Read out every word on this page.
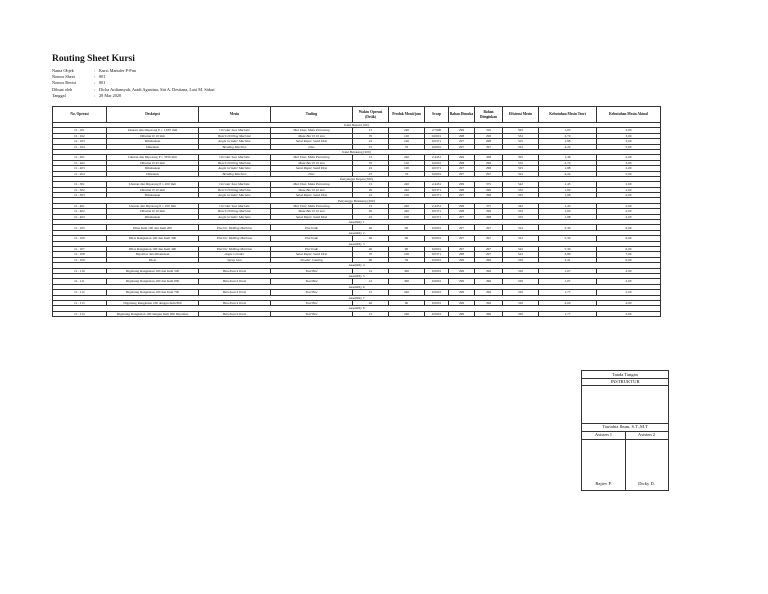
Routing Sheet Kursi
Nama Objek	: Kursi Manufer P-Pan
Nomor Sheet	: 001
Nomor Revisi	: 001
Dibuat oleh	: Dicka Ardiansyah, Aradi Agustina, Siti A. Destiana, Laxi M. Sidari
Tanggal	: 28 Mar 2020
No. Operasi	Deskripsi	Mesin	Tooling	Waktu Operasi (Detik)	Produk Menit/jam	Scrap	Bahan Dimuka	Bahan Diinginkan	Efisiensi Mesin	Kebutuhan Mesin Teori	Kebutuhan Mesin Aktual
Kaki Depan (100)											
O - 101	Ukuran dan Dipotong P = 1,667 mm	Circular Saw Machine	Mal Ukur, Mata Pemotong	15	240	2,7900	299	310	595	1,65	2,00
O - 102	Dibubut Ø 10 mm	Bench Drilling Machine	Mata Bor Ø 10 mm	70	120	0,0001	298	299	532	2,70	3,00
O - 103	Dihaluskan	Angle Grinder Machine	Sand Paper, Sand Disk	22	100	0,0371	297	298	525	1,98	2,00
O - 104	Dibentuk	Bending Machine	Dies	47	76	0,0001	297	297	522	4,24	5,00
Kaki Belakang (200)											
O - 201	Ukuran dan Dipotong P = 3350 mm	Circular Saw Machine	Mal Ukur, Mata Pemotong	15	240	2,4451	299	308	595	1,46	2,00
O - 202	Dibubut Ø 45 mm	Bench Drilling Machine	Mata Bor Ø 10 mm	70	120	0,0001	298	299	532	2,70	3,00
O - 203	Dihaluskan	Angle Grinder Machine	Sand Paper, Sand Disk	22	100	0,0371	297	298	525	1,98	2,00
O - 204	Dibentuk	Bending Machine	Dies	47	76	0,0001	297	297	522	4,24	5,00
Penyangga Depan (300)											
O - 301	Ukuran dan Dipotong P = 450 mm	Circular Saw Machine	Mal Ukur, Mata Pemotong	15	240	2,4451	299	375	542	1,45	2,00
O - 302	Dibubut Ø 10 mm	Bench Drilling Machine	Mata Bor Ø 10 mm	20	240	0,0371	298	299	532	1,00	2,00
O - 303	Dihaluskan	Angle Grinder Machine	Sand Paper, Sand Disk	22	100	0,0371	297	298	525	1,98	2,00
Penyangga Belakang (400)											
O - 401	Ukuran dan Dipotong P = 450 mm	Circular Saw Machine	Mal Ukur, Mata Pemotong	15	240	2,4451	299	375	542	1,45	2,00
O - 402	Dibubut Ø 10 mm	Bench Drilling Machine	Mata Bor Ø 10 mm	20	240	0,0371	298	299	532	1,00	2,00
O - 403	Dihaluskan	Angle Grinder Machine	Sand Paper, Sand Disk	22	100	0,0371	297	298	525	1,98	2,00
Assembly 1											
O - 105	Dilas Item 100 dan Item 200	Electric Welding Machine	Electrode	40	90	0,0001	297	297	522	5,30	6,00
Assembly 2											
O - 106	Dilas Rangkaian 100 dan Item 300	Electric Welding Machine	Electrode	40	90	0,0001	297	297	522	5,30	6,00
Assembly 3											
O - 107	Dilas Rangkaian 100 dan Item 400	Electric Welding Machine	Electrode	40	90	0,0001	297	297	522	5,30	6,00
O - 108	Dipotilas dan dihaluskan	Angle Grinder	Sand Paper, Sand Disk	70	100	0,0371	298	297	522	3,89	7,00
O - 109	Dicat	Spray Gun	Powder Coating	90	59	0,0001	296	296	520	3,41	6,00
Assembly 4											
O - 110	Digabung Rangkaian 100 dan Item 500	Benchwork Tools	Tool Box	12	300	0,0001	296	296	520	1,07	2,00
Assembly 5											
O - 111	Digabung Rangkaian 100 dan Item 600	Benchwork Tools	Tool Box	12	300	0,0001	296	296	520	1,07	2,00
Assembly 6											
O - 112	Digabung Rangkaian 100 dan Item 700	Benchwork Tools	Tool Box	15	240	0,0001	296	296	520	1,77	2,00
Assembly 7											
O - 113	Digabung Rangkaian 100 dengan Item 800	Benchwork Tools	Tool Box	40	60	0,0001	296	296	520	4,00	4,00
Assembly 8											
O - 114	Digabung Rangkaian 100 dengan Item 900 Dipotilas	Benchwork Tools	Tool Box	15	240	0,0001	296	296	520	1,77	2,00
Tanda Tangan
INSTRUKTUR
Tiartahia Ibum, S.T.,M.T
Asisten 1	Asisten 2
Rajiev P.	Dicky D.
